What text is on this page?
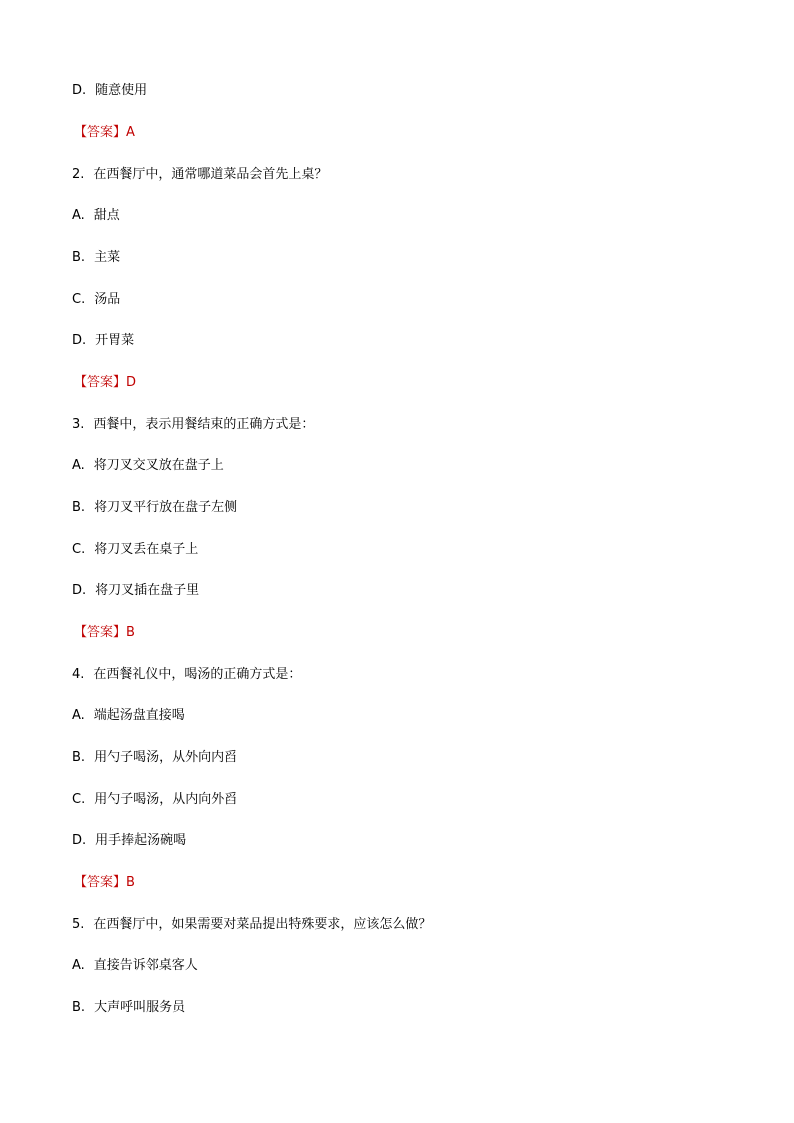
D. 随意使用
【答案】A
2. 在西餐厅中，通常哪道菜品会首先上桌？
A. 甜点
B. 主菜
C. 汤品
D. 开胃菜
【答案】D
3. 西餐中，表示用餐结束的正确方式是：
A. 将刀叉交叉放在盘子上
B. 将刀叉平行放在盘子左侧
C. 将刀叉丢在桌子上
D. 将刀叉插在盘子里
【答案】B
4. 在西餐礼仪中，喝汤的正确方式是：
A. 端起汤盘直接喝
B. 用勺子喝汤，从外向内舀
C. 用勺子喝汤，从内向外舀
D. 用手捧起汤碗喝
【答案】B
5. 在西餐厅中，如果需要对菜品提出特殊要求，应该怎么做？
A. 直接告诉邻桌客人
B. 大声呼叫服务员
